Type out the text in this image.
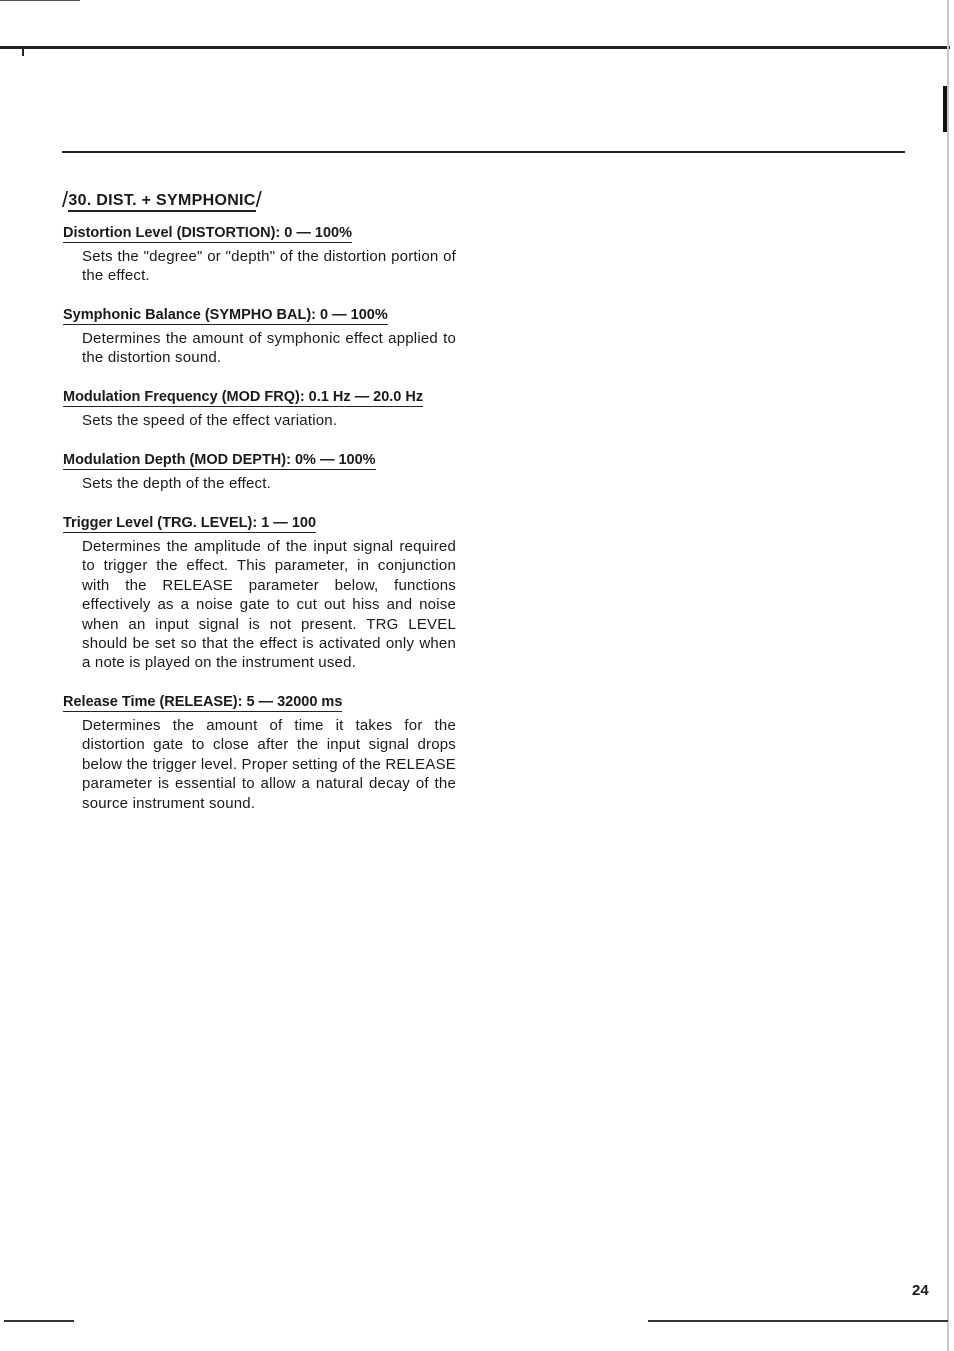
/30. DIST. + SYMPHONIC/
Distortion Level (DISTORTION): 0 — 100%
Sets the "degree" or "depth" of the distortion portion of the effect.
Symphonic Balance (SYMPHO BAL): 0 — 100%
Determines the amount of symphonic effect applied to the distortion sound.
Modulation Frequency (MOD FRQ): 0.1 Hz — 20.0 Hz
Sets the speed of the effect variation.
Modulation Depth (MOD DEPTH): 0% — 100%
Sets the depth of the effect.
Trigger Level (TRG. LEVEL): 1 — 100
Determines the amplitude of the input signal required to trigger the effect. This parameter, in conjunction with the RELEASE parameter below, functions effectively as a noise gate to cut out hiss and noise when an input signal is not present. TRG LEVEL should be set so that the effect is activated only when a note is played on the instrument used.
Release Time (RELEASE): 5 — 32000 ms
Determines the amount of time it takes for the distortion gate to close after the input signal drops below the trigger level. Proper setting of the RELEASE parameter is essential to allow a natural decay of the source instrument sound.
24
